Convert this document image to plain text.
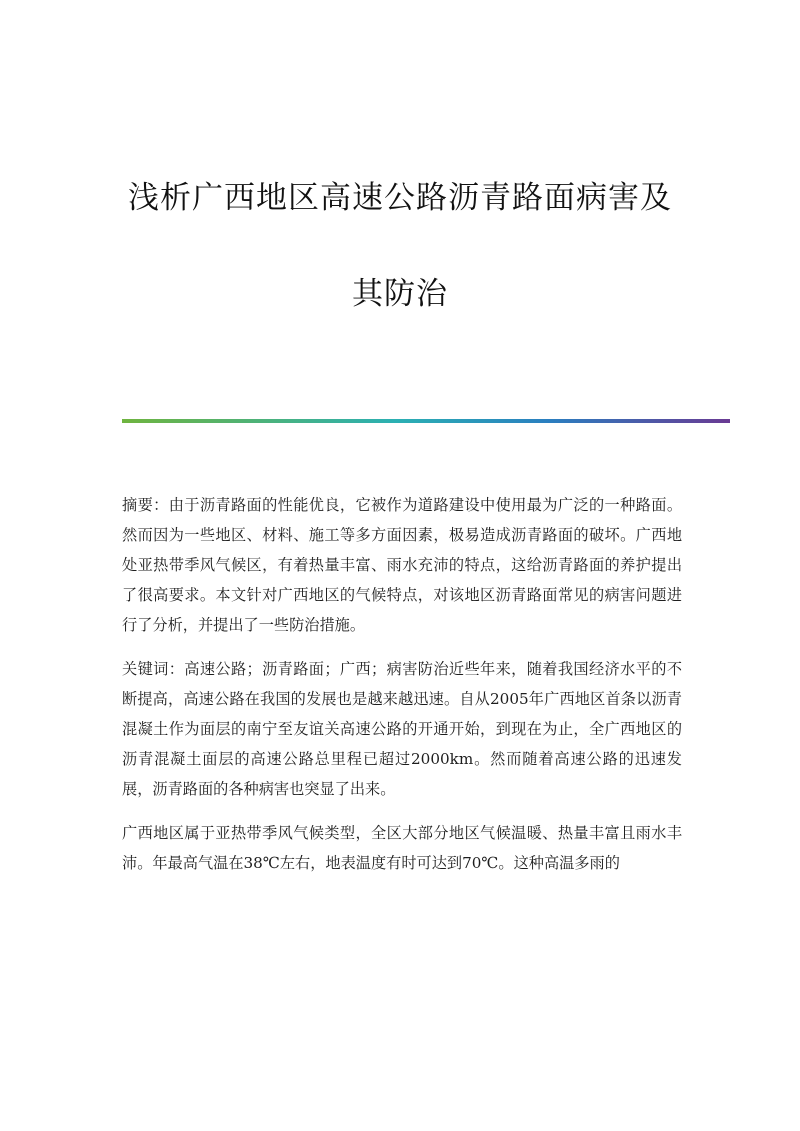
浅析广西地区高速公路沥青路面病害及

其防治

摘要：由于沥青路面的性能优良，它被作为道路建设中使用最为广泛的一种路面。然而因为一些地区、材料、施工等多方面因素，极易造成沥青路面的破坏。广西地处亚热带季风气候区，有着热量丰富、雨水充沛的特点，这给沥青路面的养护提出了很高要求。本文针对广西地区的气候特点，对该地区沥青路面常见的病害问题进行了分析，并提出了一些防治措施。

关键词：高速公路；沥青路面；广西；病害防治近些年来，随着我国经济水平的不断提高，高速公路在我国的发展也是越来越迅速。自从2005年广西地区首条以沥青混凝土作为面层的南宁至友谊关高速公路的开通开始，到现在为止，全广西地区的沥青混凝土面层的高速公路总里程已超过2000km。然而随着高速公路的迅速发展，沥青路面的各种病害也突显了出来。

广西地区属于亚热带季风气候类型，全区大部分地区气候温暖、热量丰富且雨水丰沛。年最高气温在38℃左右，地表温度有时可达到70℃。这种高温多雨的
